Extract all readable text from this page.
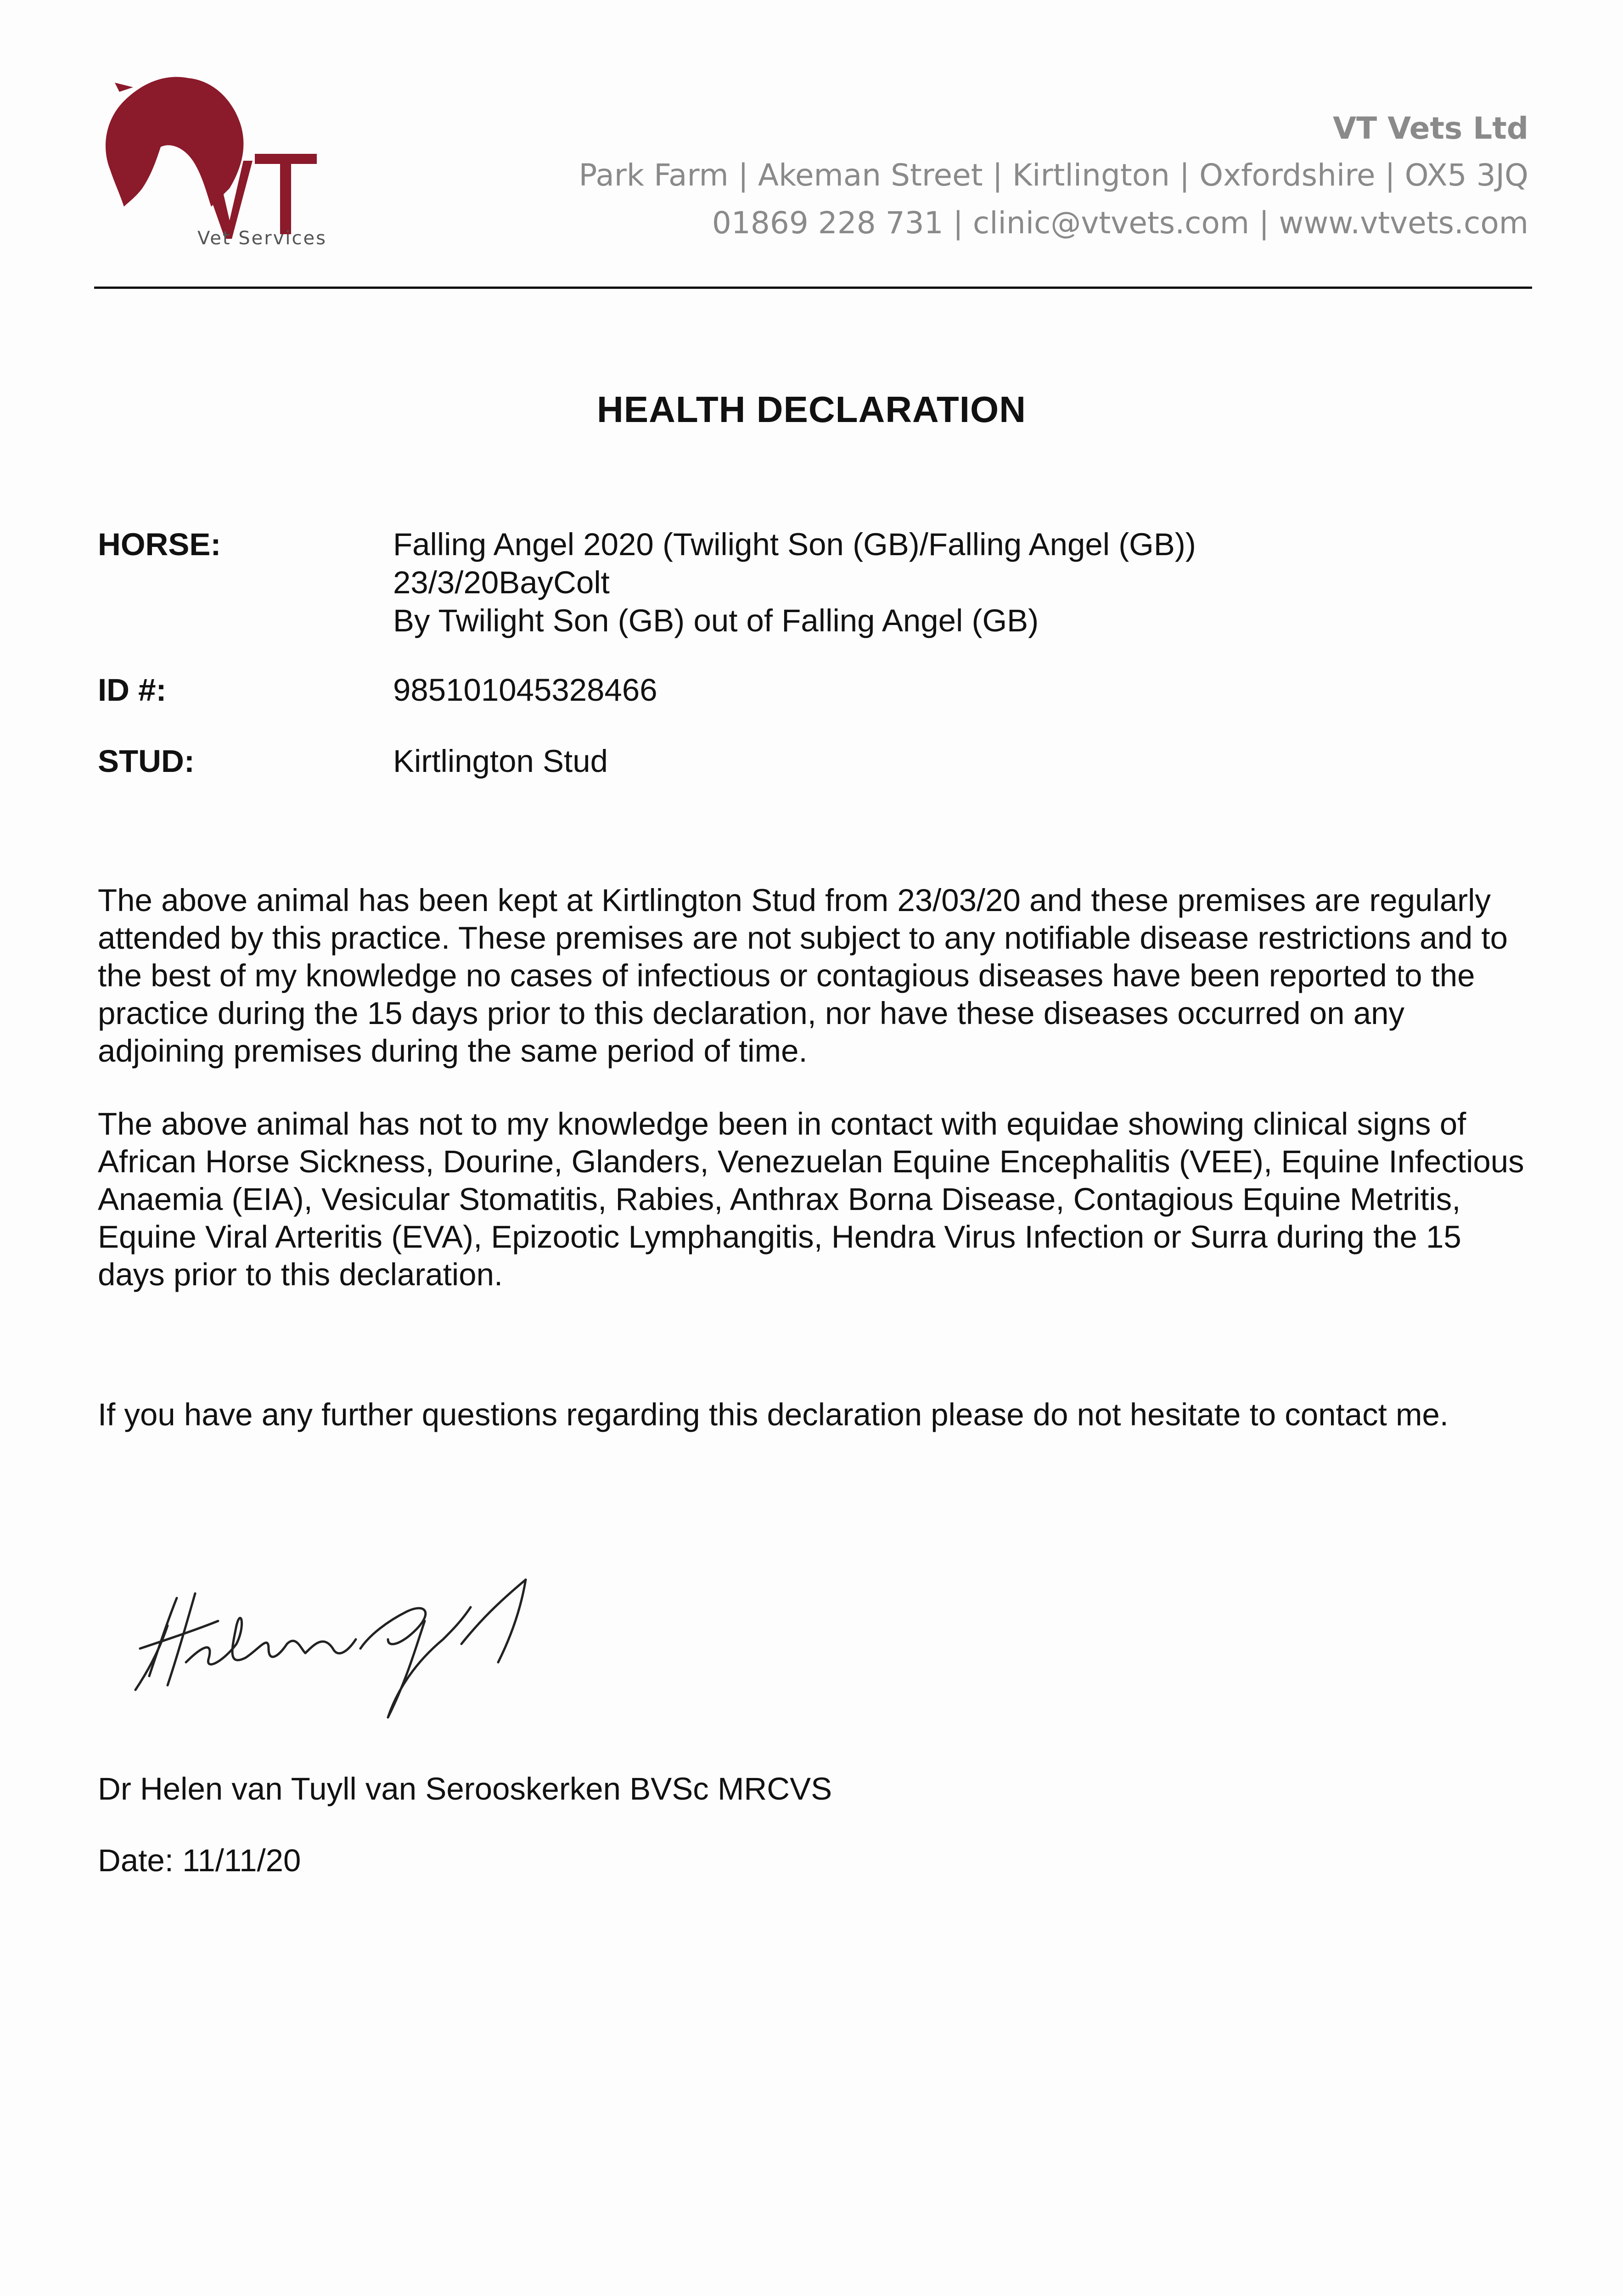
Vet Services
VT Vets Ltd
Park Farm | Akeman Street | Kirtlington | Oxfordshire | OX5 3JQ
01869 228 731 | clinic@vtvets.com | www.vtvets.com
HEALTH DECLARATION
HORSE:	Falling Angel 2020 (Twilight Son (GB)/Falling Angel (GB))
23/3/20BayColt
By Twilight Son (GB) out of Falling Angel (GB)
ID #:	985101045328466
STUD:	Kirtlington Stud
The above animal has been kept at Kirtlington Stud from 23/03/20 and these premises are regularly attended by this practice. These premises are not subject to any notifiable disease restrictions and to the best of my knowledge no cases of infectious or contagious diseases have been reported to the practice during the 15 days prior to this declaration, nor have these diseases occurred on any adjoining premises during the same period of time.
The above animal has not to my knowledge been in contact with equidae showing clinical signs of African Horse Sickness, Dourine, Glanders, Venezuelan Equine Encephalitis (VEE), Equine Infectious Anaemia (EIA), Vesicular Stomatitis, Rabies, Anthrax Borna Disease, Contagious Equine Metritis, Equine Viral Arteritis (EVA), Epizootic Lymphangitis, Hendra Virus Infection or Surra during the 15 days prior to this declaration.
If you have any further questions regarding this declaration please do not hesitate to contact me.
Dr Helen van Tuyll van Serooskerken BVSc MRCVS
Date: 11/11/20
